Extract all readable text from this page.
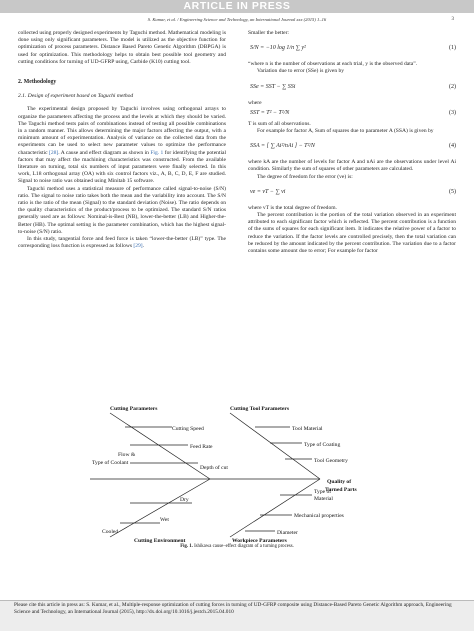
ARTICLE IN PRESS
S. Kumar, et al. / Engineering Science and Technology, an International Journal xxx (2015) 1–16	3

collected using properly designed experiments by Taguchi method. Mathematical modeling is done using only significant parameters. The model is utilized as the objective function for optimization of process parameters. Distance Based Pareto Genetic Algorithm (DBPGA) is used for optimization. This methodology helps to obtain best possible tool geometry and cutting conditions for turning of UD-GFRP using, Carbide (K10) cutting tool.

2. Methodology
2.1. Design of experiment based on Taguchi method

The experimental design proposed by Taguchi involves using orthogonal arrays to organize the parameters affecting the process and the levels at which they should be varied. The Taguchi method tests pairs of combinations instead of testing all possible combinations in a random manner. This allows determining the major factors affecting the output, with a minimum amount of experimentation. Analysis of variance on the collected data from the experiments can be used to select new parameter values to optimize the performance characteristic [28]. A cause and effect diagram as shown in Fig. 1 for identifying the potential factors that may affect the machining characteristics was constructed. From the available literature on turning, total six numbers of input parameters were finally selected. In this work, L18 orthogonal array (OA) with six control factors viz., A, B, C, D, E, F are studied. Signal to noise ratio was obtained using Minitab 15 software.

Taguchi method uses a statistical measure of performance called signal-to-noise (S/N) ratio. The signal to noise ratio takes both the mean and the variability into account. The S/N ratio is the ratio of the mean (Signal) to the standard deviation (Noise). The ratio depends on the quality characteristics of the product/process to be optimized. The standard S/N ratios generally used are as follows: Nominal-is-Best (NB), lower-the-better (LB) and Higher-the-Better (HB). The optimal setting is the parameter combination, which has the highest signal-to-noise (S/N) ratio.

In this study, tangential force and feed force is taken “lower-the-better (LB)” type. The corresponding loss function is expressed as follows [29].

Smaller the better:

S/N = −10 log 1/n ∑ y²	(1)

“where n is the number of observations at each trial, y is the observed data”.

Variation due to error (SSe) is given by

SSe = SST − ∑ SSi	(2)

where

SST = T² − T²/N	(3)

T is sum of all observations.

For example for factor A, Sum of squares due to parameter A (SSA) is given by

SSA = [ ∑ Ai²/nAi ] − T²/N	(4)

where kA are the number of levels for factor A and nAi are the observations under level Ai condition. Similarly the sum of squares of other parameters are calculated.

The degree of freedom for the error (ve) is:

ve = vT − ∑ vi	(5)

where vT is the total degree of freedom.

The percent contribution is the portion of the total variation observed in an experiment attributed to each significant factor which is reflected. The percent contribution is a function of the sums of squares for each significant item. It indicates the relative power of a factor to reduce the variation. If the factor levels are controlled precisely, then the total variation can be reduced by the amount indicated by the percent contribution. The variation due to a factor contains some amount due to error; For example for factor

Cutting Parameters	Cutting Tool Parameters
Cutting Speed
Feed Rate
Flow &
Type of Coolant
Depth of cut
Tool Material
Type of Coating
Tool Geometry
Quality of
Turned Parts
Dry
Wet
Cooled
Type of
Material
Mechanical properties
Diameter
Cutting Environment	Workpiece Parameters
Fig. 1. Ishikawa cause–effect diagram of a turning process.
Please cite this article in press as: S. Kumar, et al., Multiple-response optimization of cutting forces in turning of UD-GFRP composite using Distance-Based Pareto Genetic Algorithm approach, Engineering Science and Technology, an International Journal (2015), http://dx.doi.org/10.1016/j.jestch.2015.04.010
